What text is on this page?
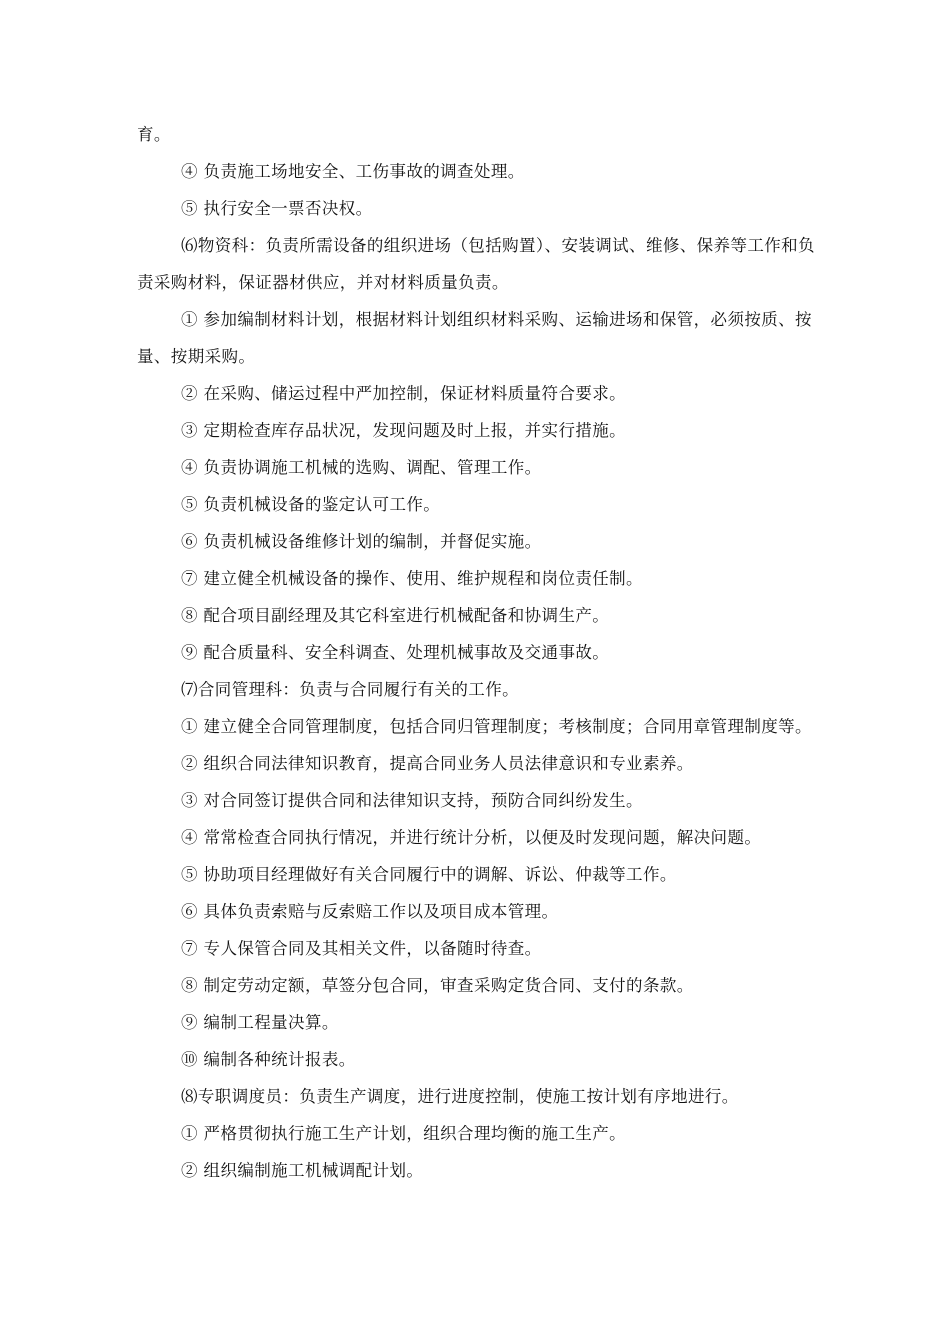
育。

④ 负责施工场地安全、工伤事故的调查处理。

⑤ 执行安全一票否决权。

⑹物资科：负责所需设备的组织进场（包括购置）、安装调试、维修、保养等工作和负责采购材料，保证器材供应，并对材料质量负责。

① 参加编制材料计划，根据材料计划组织材料采购、运输进场和保管，必须按质、按量、按期采购。

② 在采购、储运过程中严加控制，保证材料质量符合要求。

③ 定期检查库存品状况，发现问题及时上报，并实行措施。

④ 负责协调施工机械的选购、调配、管理工作。

⑤ 负责机械设备的鉴定认可工作。

⑥ 负责机械设备维修计划的编制，并督促实施。

⑦ 建立健全机械设备的操作、使用、维护规程和岗位责任制。

⑧ 配合项目副经理及其它科室进行机械配备和协调生产。

⑨ 配合质量科、安全科调查、处理机械事故及交通事故。

⑺合同管理科：负责与合同履行有关的工作。

① 建立健全合同管理制度，包括合同归管理制度；考核制度；合同用章管理制度等。

② 组织合同法律知识教育，提高合同业务人员法律意识和专业素养。

③ 对合同签订提供合同和法律知识支持，预防合同纠纷发生。

④ 常常检查合同执行情况，并进行统计分析，以便及时发现问题，解决问题。

⑤ 协助项目经理做好有关合同履行中的调解、诉讼、仲裁等工作。

⑥ 具体负责索赔与反索赔工作以及项目成本管理。

⑦ 专人保管合同及其相关文件，以备随时待查。

⑧ 制定劳动定额，草签分包合同，审查采购定货合同、支付的条款。

⑨ 编制工程量决算。

⑩ 编制各种统计报表。

⑻专职调度员：负责生产调度，进行进度控制，使施工按计划有序地进行。

① 严格贯彻执行施工生产计划，组织合理均衡的施工生产。

② 组织编制施工机械调配计划。
